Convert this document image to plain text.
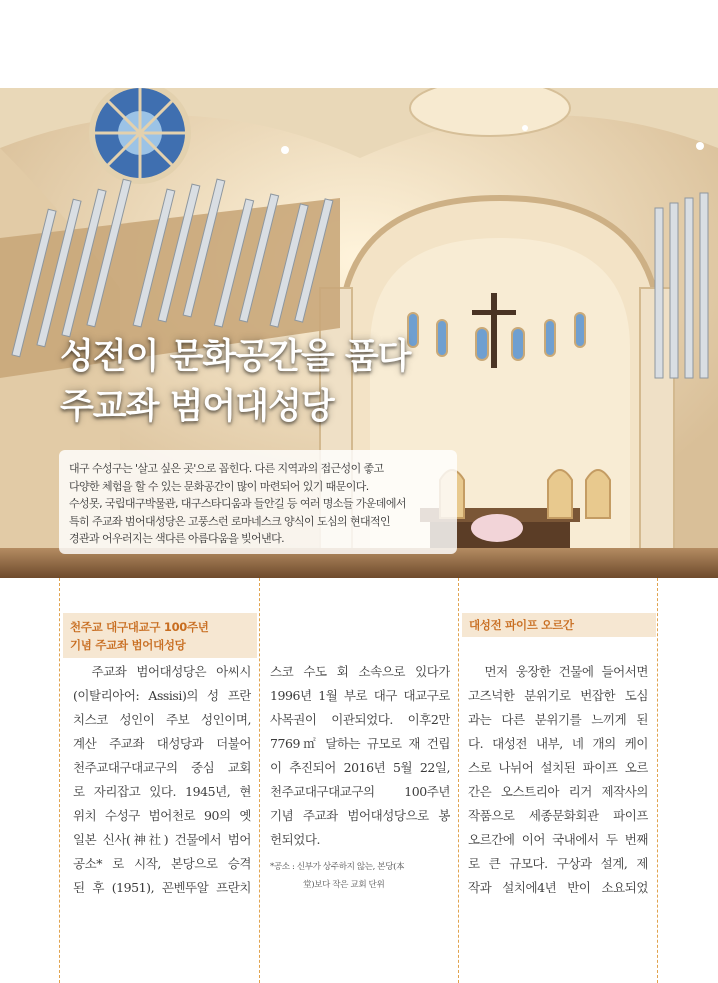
성전이 문화공간을 품다
주교좌 범어대성당

대구 수성구는 '살고 싶은 곳'으로 꼽힌다. 다른 지역과의 접근성이 좋고

다양한 체험을 할 수 있는 문화공간이 많이 마련되어 있기 때문이다.

수성못, 국립대구박물관, 대구스타디움과 들안길 등 여러 명소들 가운데에서

특히 주교좌 범어대성당은 고풍스런 로마네스크 양식이 도심의 현대적인

경관과 어우러지는 색다른 아름다움을 빚어낸다.

천주교 대구대교구 100주년
기념 주교좌 범어대성당
대성전 파이프 오르간

　주교좌 범어대성당은 아씨시

(이탈리아어: Assisi)의 성 프란

치스코 성인이 주보 성인이며,

계산 주교좌 대성당과 더불어

천주교대구대교구의 중심 교회

로 자리잡고 있다. 1945년, 현

위치 수성구 범어천로 90의 옛

일본 신사(神社) 건물에서 범어

공소* 로 시작, 본당으로 승격

된 후 (1951), 꼰벤뚜알 프란치

스코 수도 회 소속으로 있다가

1996년 1월 부로 대구 대교구로

사목권이 이관되었다. 이후2만

7769㎡ 달하는 규모로 재 건립

이 추진되어 2016년 5월 22일,

천주교대구대교구의 100주년

기념 주교좌 범어대성당으로 봉

헌되었다.

*공소 : 신부가 상주하지 않는, 본당(本

堂)보다 작은 교회 단위

　먼저 웅장한 건물에 들어서면

고즈넉한 분위기로 번잡한 도심

과는 다른 분위기를 느끼게 된

다. 대성전 내부, 네 개의 케이

스로 나뉘어 설치된 파이프 오르

간은 오스트리아 리거 제작사의

작품으로 세종문화회관 파이프

오르간에 이어 국내에서 두 번째

로 큰 규모다. 구상과 설계, 제

작과 설치에4년 반이 소요되었
